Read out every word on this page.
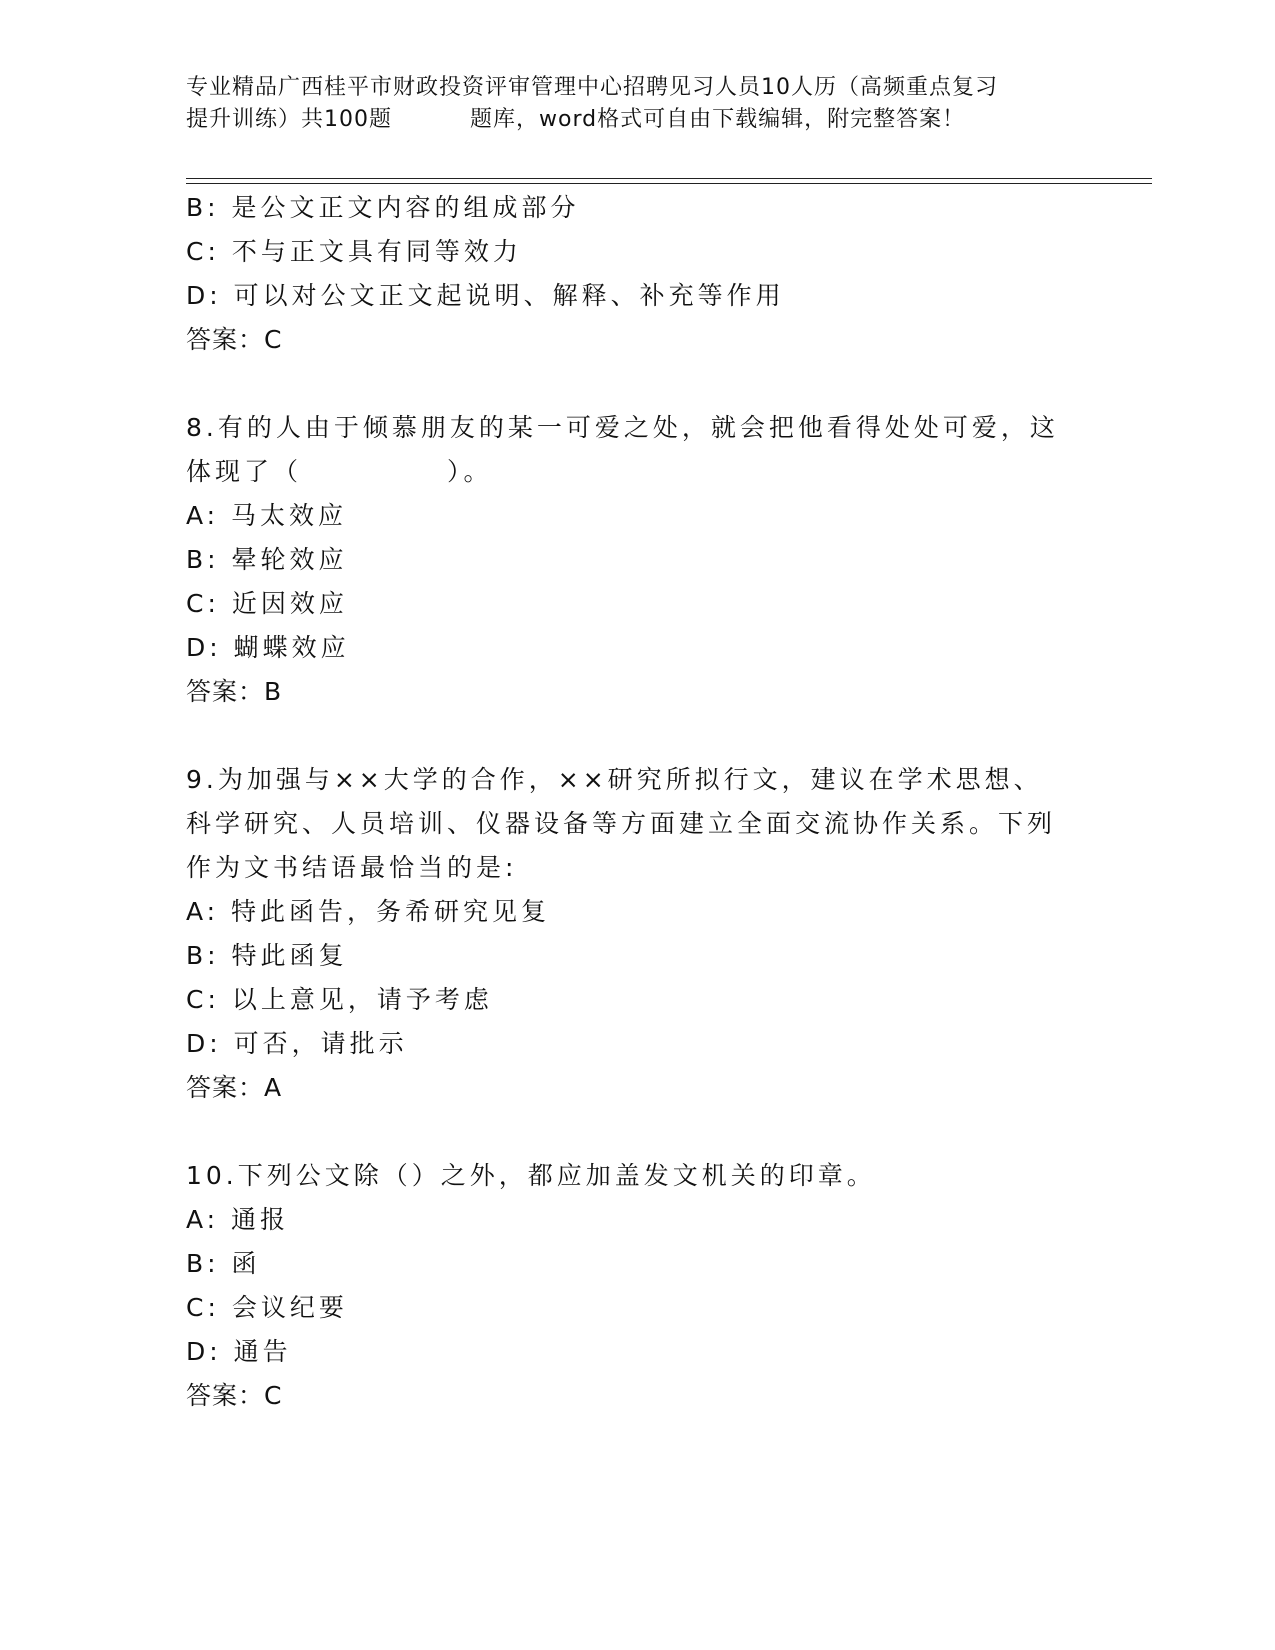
专业精品广西桂平市财政投资评审管理中心招聘见习人员10人历（高频重点复习
提升训练）共100题	题库，word格式可自由下载编辑，附完整答案！
B: 是公文正文内容的组成部分
C: 不与正文具有同等效力
D: 可以对公文正文起说明、解释、补充等作用
答案：C
8.有的人由于倾慕朋友的某一可爱之处，就会把他看得处处可爱，这
体现了（　　　　　）。
A: 马太效应
B: 晕轮效应
C: 近因效应
D: 蝴蝶效应
答案：B
9.为加强与××大学的合作，××研究所拟行文，建议在学术思想、
科学研究、人员培训、仪器设备等方面建立全面交流协作关系。下列
作为文书结语最恰当的是:
A: 特此函告，务希研究见复
B: 特此函复
C: 以上意见，请予考虑
D: 可否，请批示
答案：A
10.下列公文除（）之外，都应加盖发文机关的印章。
A: 通报
B: 函
C: 会议纪要
D: 通告
答案：C
